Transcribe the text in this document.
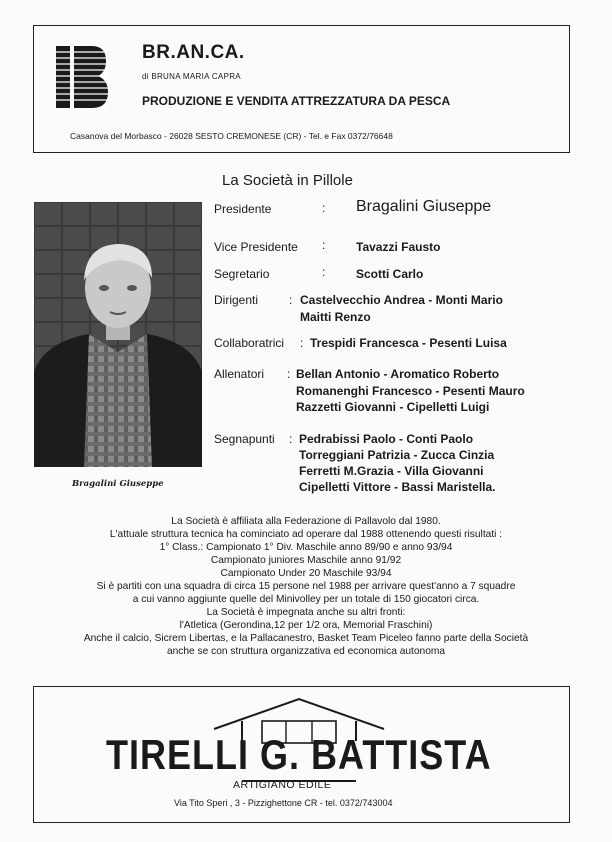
BR.AN.CA.
di BRUNA MARIA CAPRA
PRODUZIONE E VENDITA ATTREZZATURA DA PESCA
Casanova del Morbasco - 26028 SESTO CREMONESE (CR) - Tel. e Fax 0372/76648
La Società in Pillole
Bragalini Giuseppe
Presidente	: Bragalini Giuseppe
Vice Presidente :	Tavazzi Fausto
Segretario	:	Scotti Carlo
Dirigenti	: Castelvecchio Andrea - Monti Mario
Maitti Renzo
Collaboratrici : Trespidi Francesca - Pesenti Luisa
Allenatori : Bellan Antonio - Aromatico Roberto
Romanenghi Francesco - Pesenti Mauro
Razzetti Giovanni - Cipelletti Luigi
Segnapunti : Pedrabissi Paolo - Conti Paolo
Torreggiani Patrizia - Zucca Cinzia
Ferretti M.Grazia - Villa Giovanni
Cipelletti Vittore - Bassi Maristella.
La Società è affiliata alla Federazione di Pallavolo dal 1980.
L'attuale struttura tecnica ha cominciato ad operare dal 1988 ottenendo questi risultati :
1° Class.: Campionato 1° Div. Maschile anno 89/90 e anno 93/94
Campionato juniores Maschile anno 91/92
Campionato Under 20 Maschile 93/94
Si è partiti con una squadra di circa 15 persone nel 1988 per arrivare quest'anno a 7 squadre
a cui vanno aggiunte quelle del Minivolley per un totale di 150 giocatori circa.
La Società è impegnata anche su altri fronti:
l'Atletica (Gerondina,12 per 1/2 ora, Memorial Fraschini)
Anche il calcio, Sicrem Libertas, e la Pallacanestro, Basket Team Piceleo fanno parte della Società
anche se con struttura organizzativa ed economica autonoma
TIRELLI G. BATTISTA
ARTIGIANO EDILE
Via Tito Speri , 3 - Pizzighettone CR - tel. 0372/743004
